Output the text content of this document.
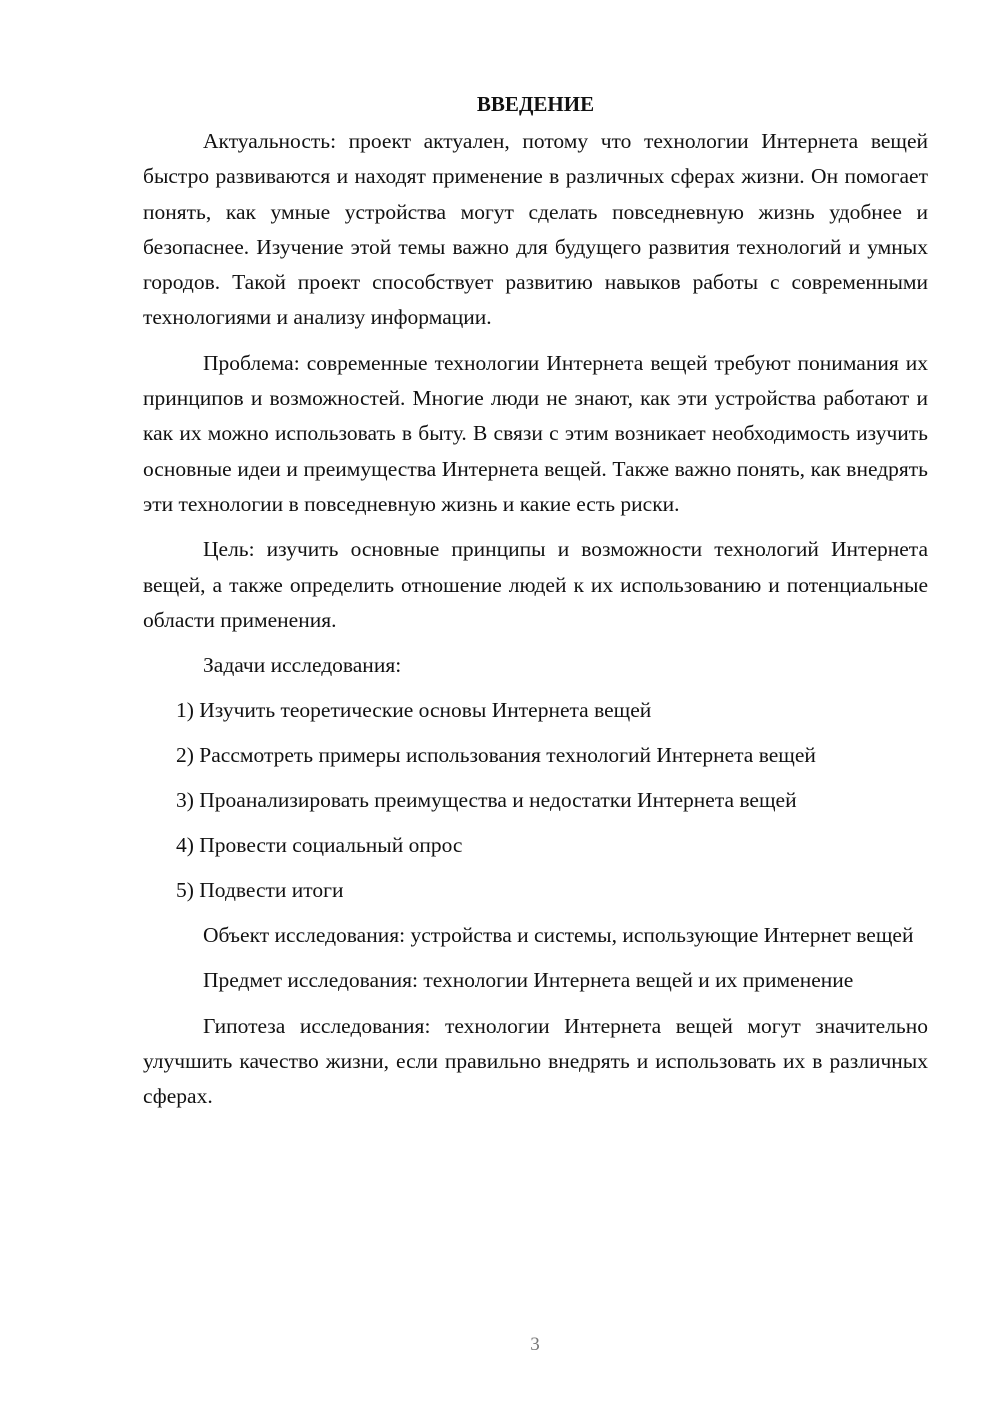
ВВЕДЕНИЕ

Актуальность: проект актуален, потому что технологии Интернета вещей быстро развиваются и находят применение в различных сферах жизни. Он помогает понять, как умные устройства могут сделать повседневную жизнь удобнее и безопаснее. Изучение этой темы важно для будущего развития технологий и умных городов. Такой проект способствует развитию навыков работы с современными технологиями и анализу информации.

Проблема: современные технологии Интернета вещей требуют понимания их принципов и возможностей. Многие люди не знают, как эти устройства работают и как их можно использовать в быту. В связи с этим возникает необходимость изучить основные идеи и преимущества Интернета вещей. Также важно понять, как внедрять эти технологии в повседневную жизнь и какие есть риски.

Цель: изучить основные принципы и возможности технологий Интернета вещей, а также определить отношение людей к их использованию и потенциальные области применения.

Задачи исследования:
1) Изучить теоретические основы Интернета вещей
2) Рассмотреть примеры использования технологий Интернета вещей
3) Проанализировать преимущества и недостатки Интернета вещей
4) Провести социальный опрос
5) Подвести итоги

Объект исследования: устройства и системы, использующие Интернет вещей

Предмет исследования: технологии Интернета вещей и их применение

Гипотеза исследования: технологии Интернета вещей могут значительно улучшить качество жизни, если правильно внедрять и использовать их в различных сферах.

3
